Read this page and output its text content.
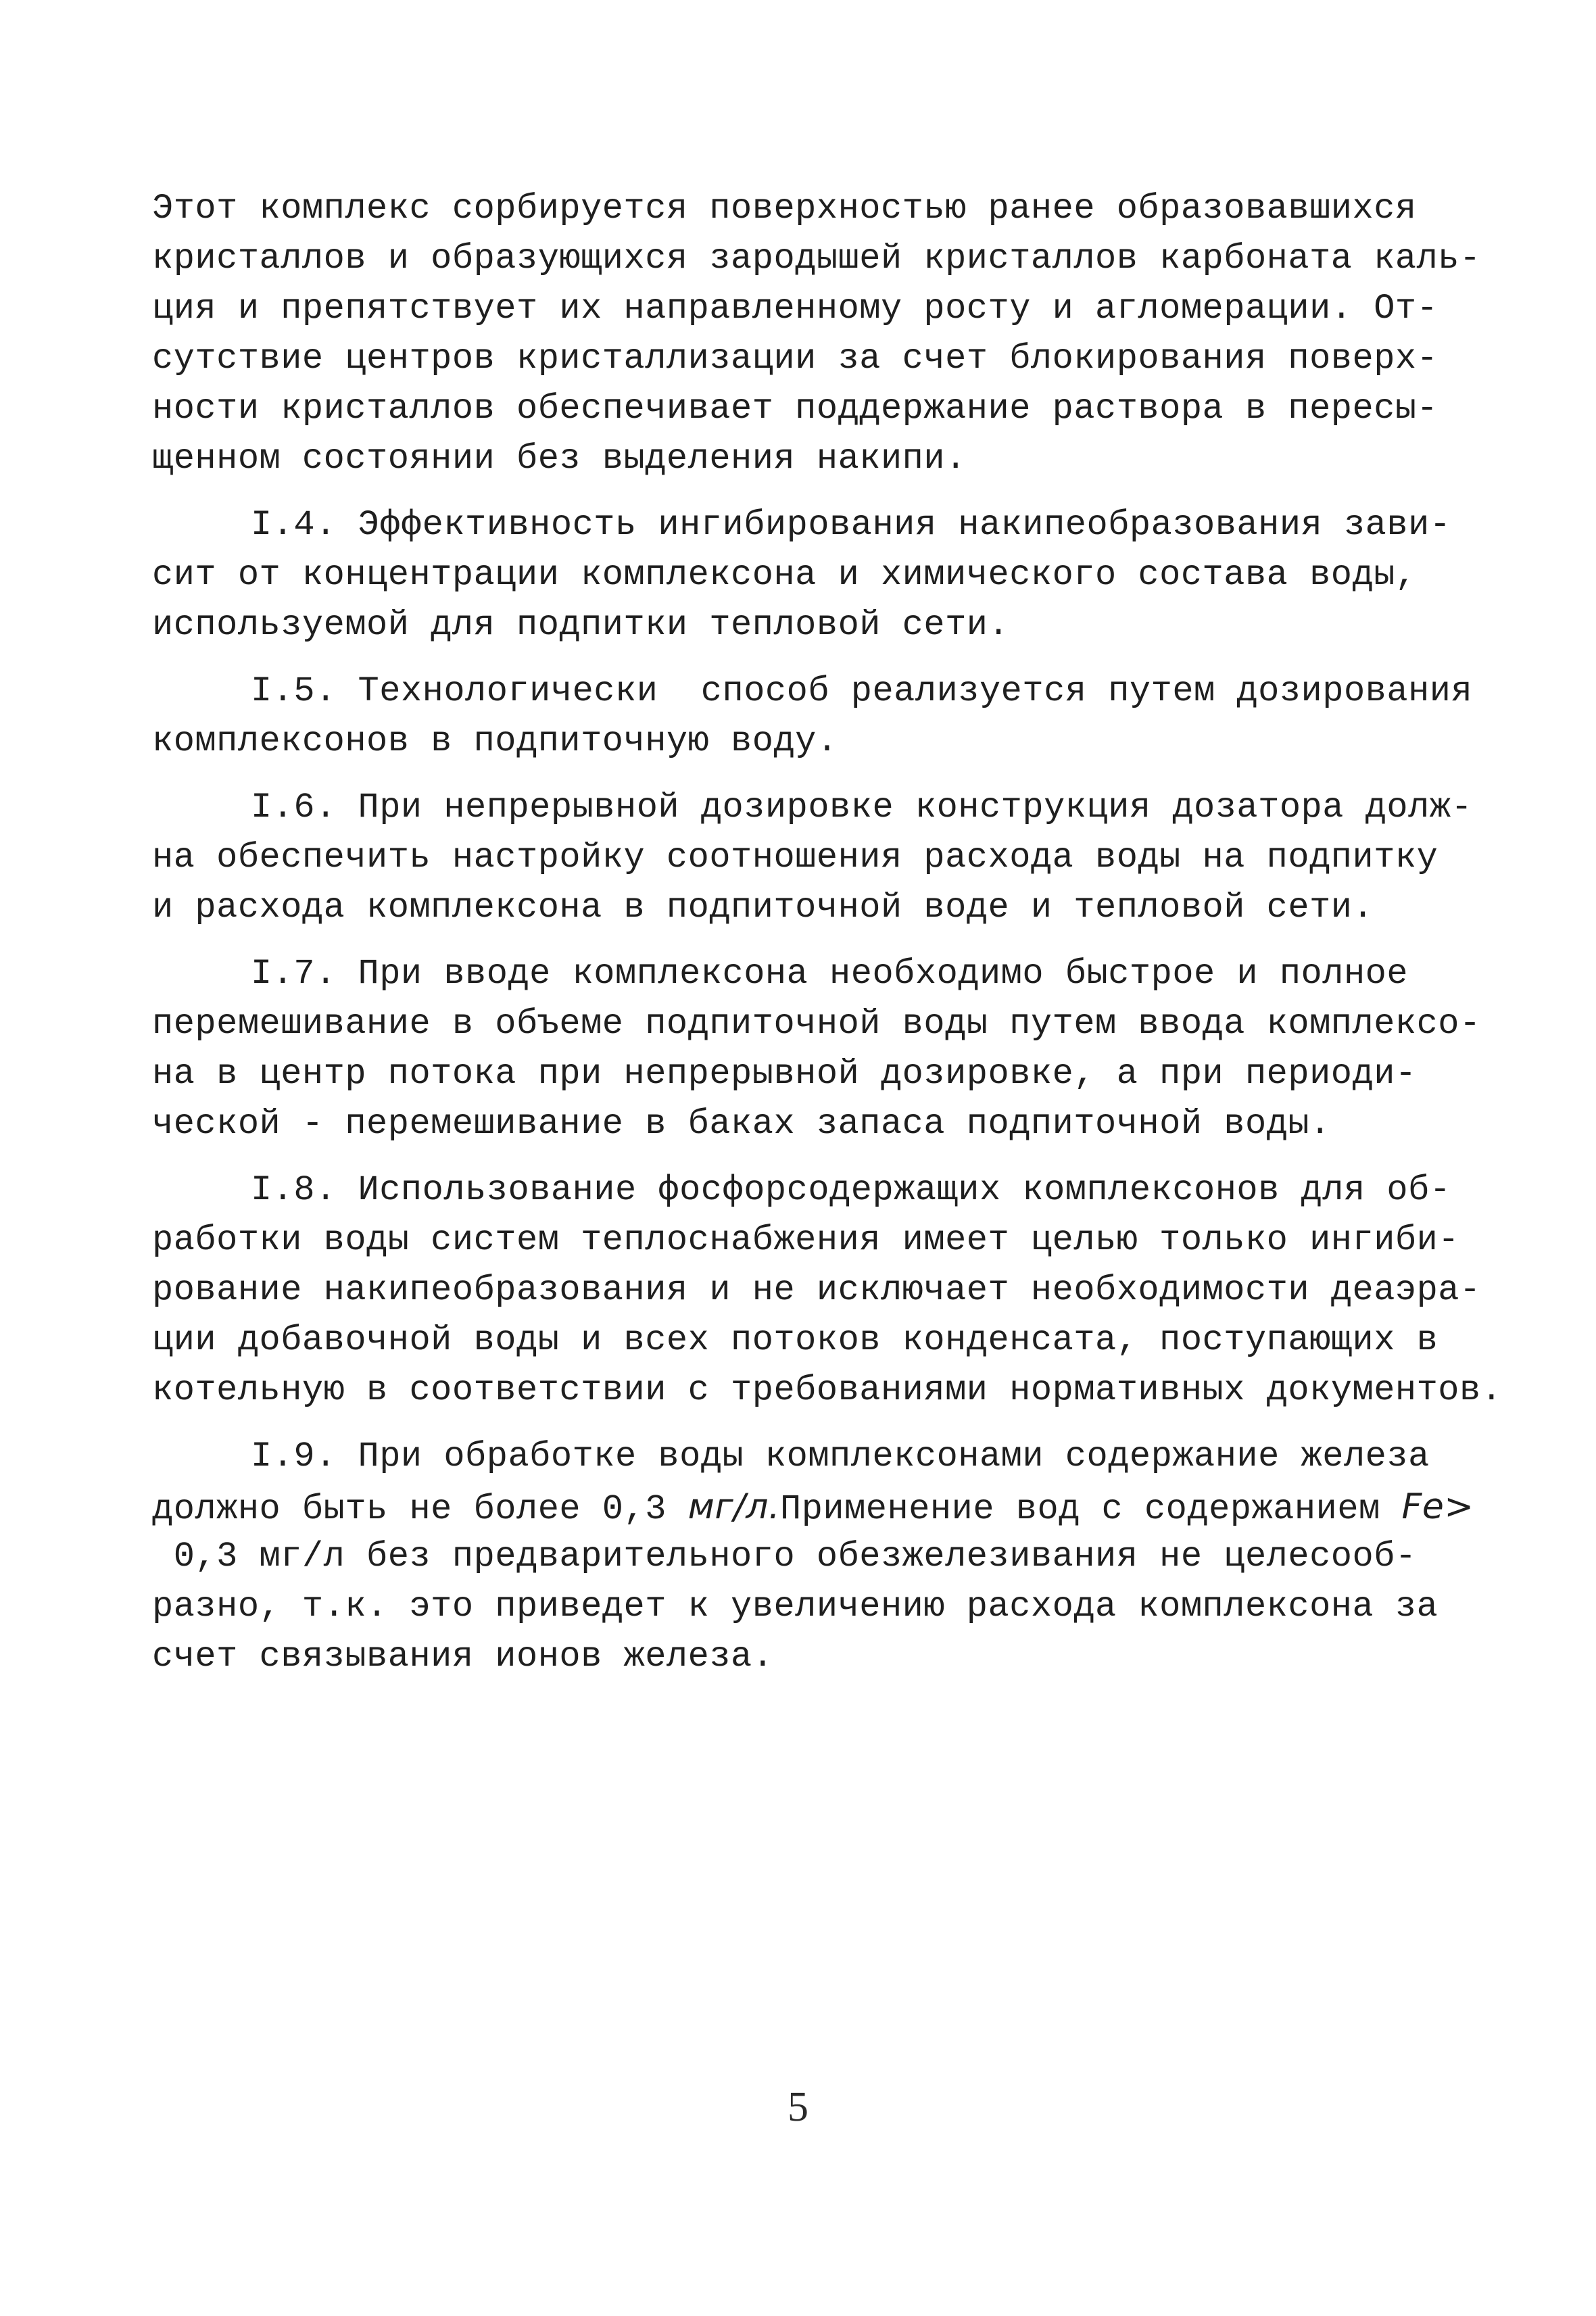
Этот комплекс сорбируется поверхностью ранее образовавшихся
кристаллов и образующихся зародышей кристаллов карбоната каль-
ция и препятствует их направленному росту и агломерации. От-
сутствие центров кристаллизации за счет блокирования поверх-
ности кристаллов обеспечивает поддержание раствора в пересы-
щенном состоянии без выделения накипи.
I.4. Эффективность ингибирования накипеобразования зави-
сит от концентрации комплексона и химического состава воды,
используемой для подпитки тепловой сети.
I.5. Технологически  способ реализуется путем дозирования
комплексонов в подпиточную воду.
I.6. При непрерывной дозировке конструкция дозатора долж-
на обеспечить настройку соотношения расхода воды на подпитку
и расхода комплексона в подпиточной воде и тепловой сети.
I.7. При вводе комплексона необходимо быстрое и полное
перемешивание в объеме подпиточной воды путем ввода комплексо-
на в центр потока при непрерывной дозировке, а при периоди-
ческой - перемешивание в баках запаса подпиточной воды.
I.8. Использование фосфорсодержащих комплексонов для об-
работки воды систем теплоснабжения имеет целью только ингиби-
рование накипеобразования и не исключает необходимости деаэра-
ции добавочной воды и всех потоков конденсата, поступающих в
котельную в соответствии с требованиями нормативных документов.
I.9. При обработке воды комплексонами содержание железа
должно быть не более 0,3 мг/л.Применение вод с содержанием Fe>
0,3 мг/л без предварительного обезжелезивания не целесооб-
разно, т.к. это приведет к увеличению расхода комплексона за
счет связывания ионов железа.
5
